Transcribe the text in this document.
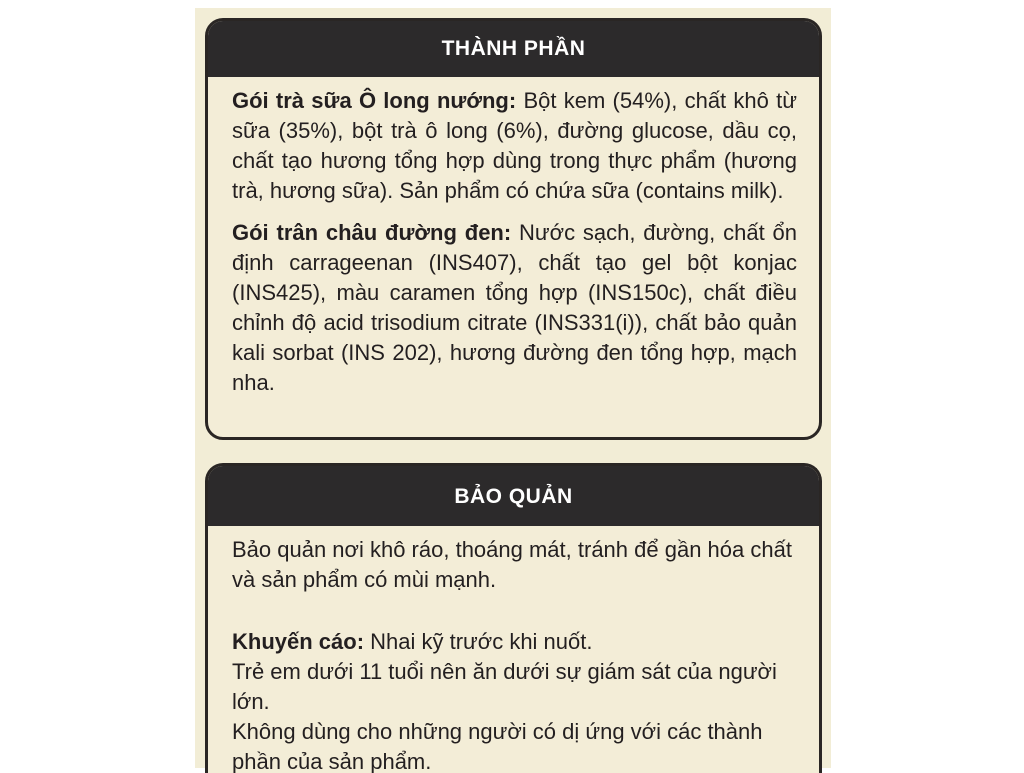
THÀNH PHẦN

Gói trà sữa Ô long nướng: Bột kem (54%), chất khô từ sữa (35%), bột trà ô long (6%), đường glucose, dầu cọ, chất tạo hương tổng hợp dùng trong thực phẩm (hương trà, hương sữa). Sản phẩm có chứa sữa (contains milk).

Gói trân châu đường đen: Nước sạch, đường, chất ổn định carrageenan (INS407), chất tạo gel bột konjac (INS425), màu caramen tổng hợp (INS150c), chất điều chỉnh độ acid trisodium citrate (INS331(i)), chất bảo quản kali sorbat (INS 202), hương đường đen tổng hợp, mạch nha.

BẢO QUẢN

Bảo quản nơi khô ráo, thoáng mát, tránh để gần hóa chất và sản phẩm có mùi mạnh.

Khuyến cáo: Nhai kỹ trước khi nuốt.

Trẻ em dưới 11 tuổi nên ăn dưới sự giám sát của người lớn.

Không dùng cho những người có dị ứng với các thành phần của sản phẩm.
